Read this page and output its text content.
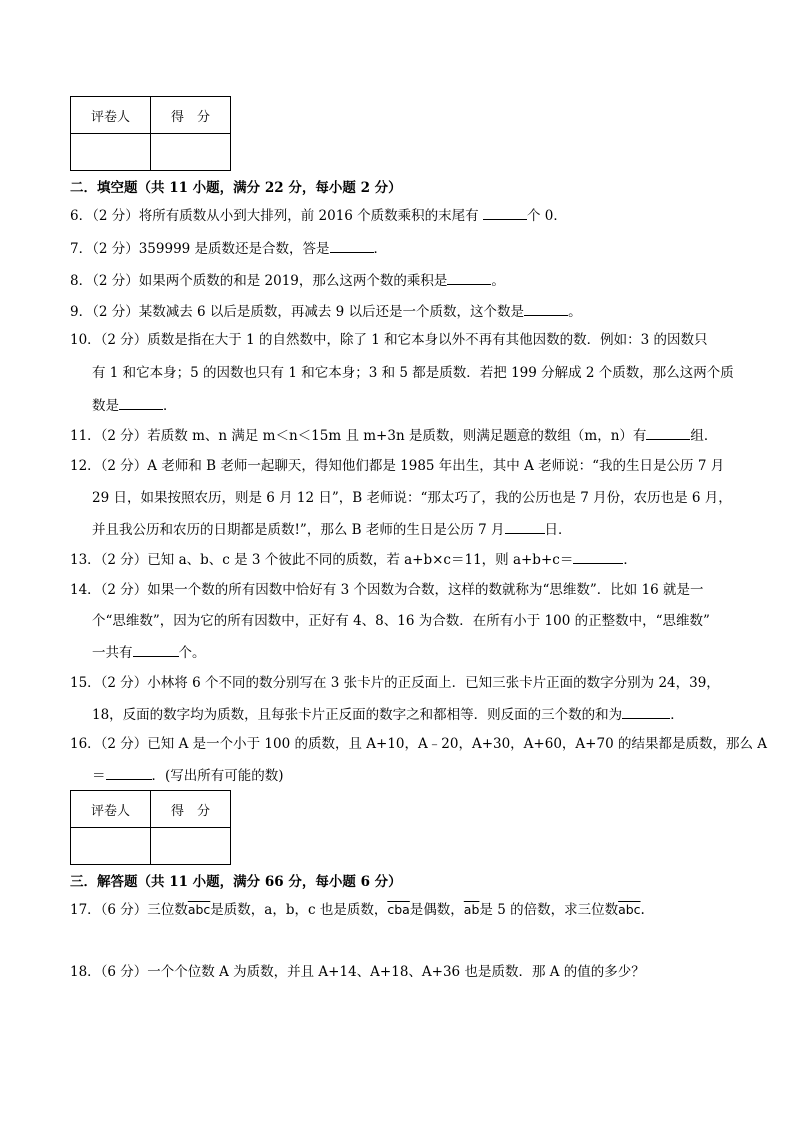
评卷人	得　分

二．填空题（共 11 小题，满分 22 分，每小题 2 分）
6．（2 分）将所有质数从小到大排列，前 2016 个质数乘积的末尾有	个 0．
7．（2 分）359999 是质数还是合数，答是	．
8．（2 分）如果两个质数的和是 2019，那么这两个数的乘积是	。
9．（2 分）某数减去 6 以后是质数，再减去 9 以后还是一个质数，这个数是	。
10．（2 分）质数是指在大于 1 的自然数中，除了 1 和它本身以外不再有其他因数的数．例如：3 的因数只
有 1 和它本身；5 的因数也只有 1 和它本身；3 和 5 都是质数．若把 199 分解成 2 个质数，那么这两个质
数是	．
11．（2 分）若质数 m、n 满足 m＜n＜15m 且 m+3n 是质数，则满足题意的数组（m，n）有	组．
12．（2 分）A 老师和 B 老师一起聊天，得知他们都是 1985 年出生，其中 A 老师说：“我的生日是公历 7 月
29 日，如果按照农历，则是 6 月 12 日”，B 老师说：“那太巧了，我的公历也是 7 月份，农历也是 6 月，
并且我公历和农历的日期都是质数!”，那么 B 老师的生日是公历 7 月	日．
13．（2 分）已知 a、b、c 是 3 个彼此不同的质数，若 a+b×c＝11，则 a+b+c＝	．
14．（2 分）如果一个数的所有因数中恰好有 3 个因数为合数，这样的数就称为“思维数”．比如 16 就是一
个“思维数”，因为它的所有因数中，正好有 4、8、16 为合数．在所有小于 100 的正整数中，“思维数”
一共有	个。
15．（2 分）小林将 6 个不同的数分别写在 3 张卡片的正反面上．已知三张卡片正面的数字分别为 24，39，
18，反面的数字均为质数，且每张卡片正反面的数字之和都相等．则反面的三个数的和为	．
16．（2 分）已知 A 是一个小于 100 的质数，且 A+10，A﹣20，A+30，A+60，A+70 的结果都是质数，那么 A
＝	．(写出所有可能的数)
评卷人	得　分

三．解答题（共 11 小题，满分 66 分，每小题 6 分）
17．（6 分）三位数$\overline{abc}$是质数，a，b，c 也是质数，$\overline{cba}$是偶数，$\overline{ab}$是 5 的倍数，求三位数$\overline{abc}$.
18．（6 分）一个个位数 A 为质数，并且 A+14、A+18、A+36 也是质数．那 A 的值的多少？
